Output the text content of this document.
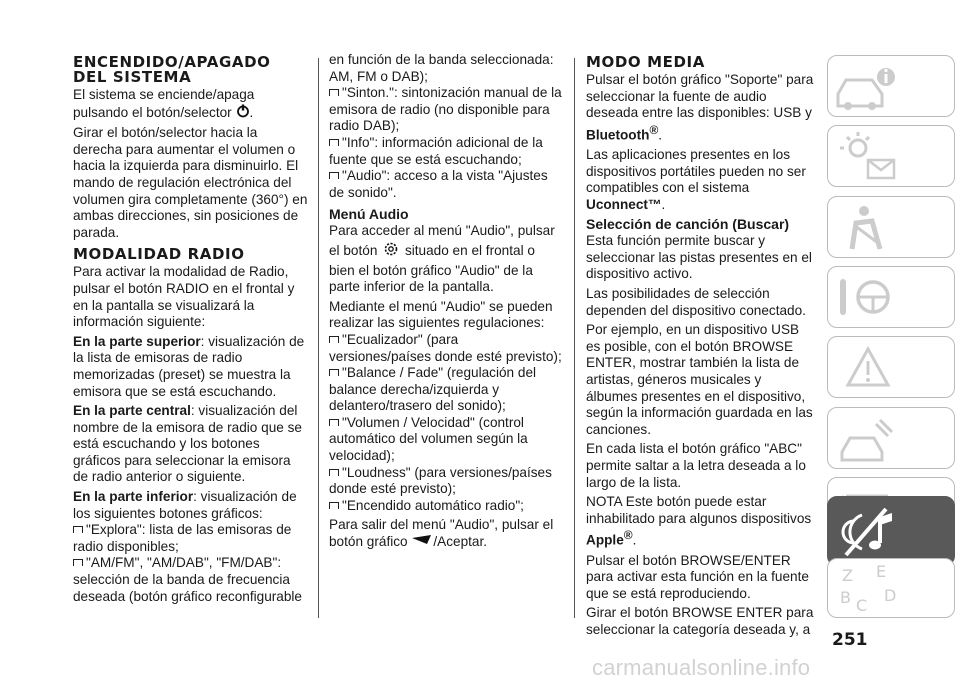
ENCENDIDO/APAGADO DEL SISTEMA

El sistema se enciende/apaga pulsando el botón/selector .

Girar el botón/selector hacia la derecha para aumentar el volumen o hacia la izquierda para disminuirlo. El mando de regulación electrónica del volumen gira completamente (360°) en ambas direcciones, sin posiciones de parada.

MODALIDAD RADIO

Para activar la modalidad de Radio, pulsar el botón RADIO en el frontal y en la pantalla se visualizará la información siguiente:

En la parte superior: visualización de la lista de emisoras de radio memorizadas (preset) se muestra la emisora que se está escuchando.

En la parte central: visualización del nombre de la emisora de radio que se está escuchando y los botones gráficos para seleccionar la emisora de radio anterior o siguiente.

En la parte inferior: visualización de los siguientes botones gráficos:

"Explora": lista de las emisoras de radio disponibles;

"AM/FM", "AM/DAB", "FM/DAB": selección de la banda de frecuencia deseada (botón gráfico reconfigurable

en función de la banda seleccionada: AM, FM o DAB);

"Sinton.": sintonización manual de la emisora de radio (no disponible para radio DAB);

"Info": información adicional de la fuente que se está escuchando;

"Audio": acceso a la vista "Ajustes de sonido".

Menú Audio

Para acceder al menú "Audio", pulsar el botón situado en el frontal o bien el botón gráfico "Audio" de la parte inferior de la pantalla.

Mediante el menú "Audio" se pueden realizar las siguientes regulaciones:

"Ecualizador" (para versiones/países donde esté previsto);

"Balance / Fade" (regulación del balance derecha/izquierda y delantero/trasero del sonido);

"Volumen / Velocidad" (control automático del volumen según la velocidad);

"Loudness" (para versiones/países donde esté previsto);

"Encendido automático radio";

Para salir del menú "Audio", pulsar el botón gráfico /Aceptar.

MODO MEDIA

Pulsar el botón gráfico "Soporte" para seleccionar la fuente de audio deseada entre las disponibles: USB y Bluetooth®.

Las aplicaciones presentes en los dispositivos portátiles pueden no ser compatibles con el sistema Uconnect™.

Selección de canción (Buscar)

Esta función permite buscar y seleccionar las pistas presentes en el dispositivo activo.

Las posibilidades de selección dependen del dispositivo conectado.

Por ejemplo, en un dispositivo USB es posible, con el botón BROWSE ENTER, mostrar también la lista de artistas, géneros musicales y álbumes presentes en el dispositivo, según la información guardada en las canciones.

En cada lista el botón gráfico "ABC" permite saltar a la letra deseada a lo largo de la lista.

NOTA Este botón puede estar inhabilitado para algunos dispositivos Apple®.

Pulsar el botón BROWSE/ENTER para activar esta función en la fuente que se está reproduciendo.

Girar el botón BROWSE ENTER para seleccionar la categoría deseada y, a

Z E
B C
D
251
carmanualsonline.info
